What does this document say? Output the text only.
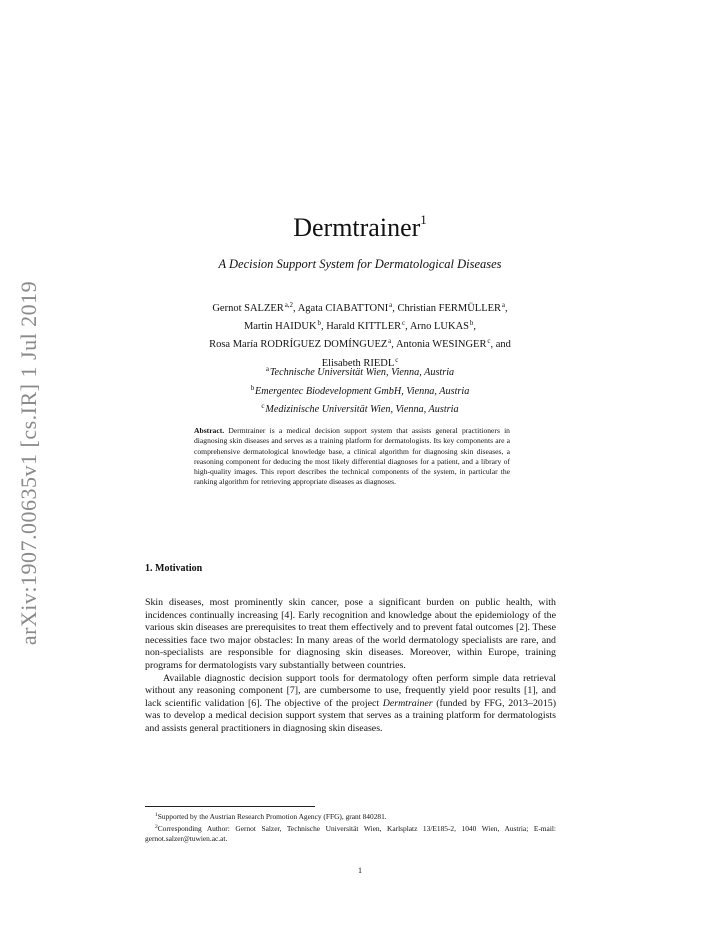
arXiv:1907.00635v1 [cs.IR] 1 Jul 2019
Dermtrainer$^1$
A Decision Support System for Dermatological Diseases
Gernot SALZER $^{a,2}$, Agata CIABATTONI $^a$, Christian FERMÜLLER $^a$,
Martin HAIDUK $^b$, Harald KITTLER $^c$, Arno LUKAS $^b$,
Rosa María RODRÍGUEZ DOMÍNGUEZ $^a$, Antonia WESINGER $^c$, and
Elisabeth RIEDL $^c$
$^a$ Technische Universität Wien, Vienna, Austria
$^b$ Emergentec Biodevelopment GmbH, Vienna, Austria
$^c$ Medizinische Universität Wien, Vienna, Austria
Abstract. Dermtrainer is a medical decision support system that assists general practitioners in diagnosing skin diseases and serves as a training platform for dermatologists. Its key components are a comprehensive dermatological knowledge base, a clinical algorithm for diagnosing skin diseases, a reasoning component for deducing the most likely differential diagnoses for a patient, and a library of high-quality images. This report describes the technical components of the system, in particular the ranking algorithm for retrieving appropriate diseases as diagnoses.
1. Motivation

Skin diseases, most prominently skin cancer, pose a significant burden on public health, with incidences continually increasing [4]. Early recognition and knowledge about the epidemiology of the various skin diseases are prerequisites to treat them effectively and to prevent fatal outcomes [2]. These necessities face two major obstacles: In many areas of the world dermatology specialists are rare, and non-specialists are responsible for diagnosing skin diseases. Moreover, within Europe, training programs for dermatologists vary substantially between countries.

Available diagnostic decision support tools for dermatology often perform simple data retrieval without any reasoning component [7], are cumbersome to use, frequently yield poor results [1], and lack scientific validation [6]. The objective of the project Dermtrainer (funded by FFG, 2013–2015) was to develop a medical decision support system that serves as a training platform for dermatologists and assists general practitioners in diagnosing skin diseases.

$^1$Supported by the Austrian Research Promotion Agency (FFG), grant 840281.

$^2$Corresponding Author: Gernot Salzer, Technische Universität Wien, Karlsplatz 13/E185-2, 1040 Wien, Austria; E-mail: gernot.salzer@tuwien.ac.at.

1
